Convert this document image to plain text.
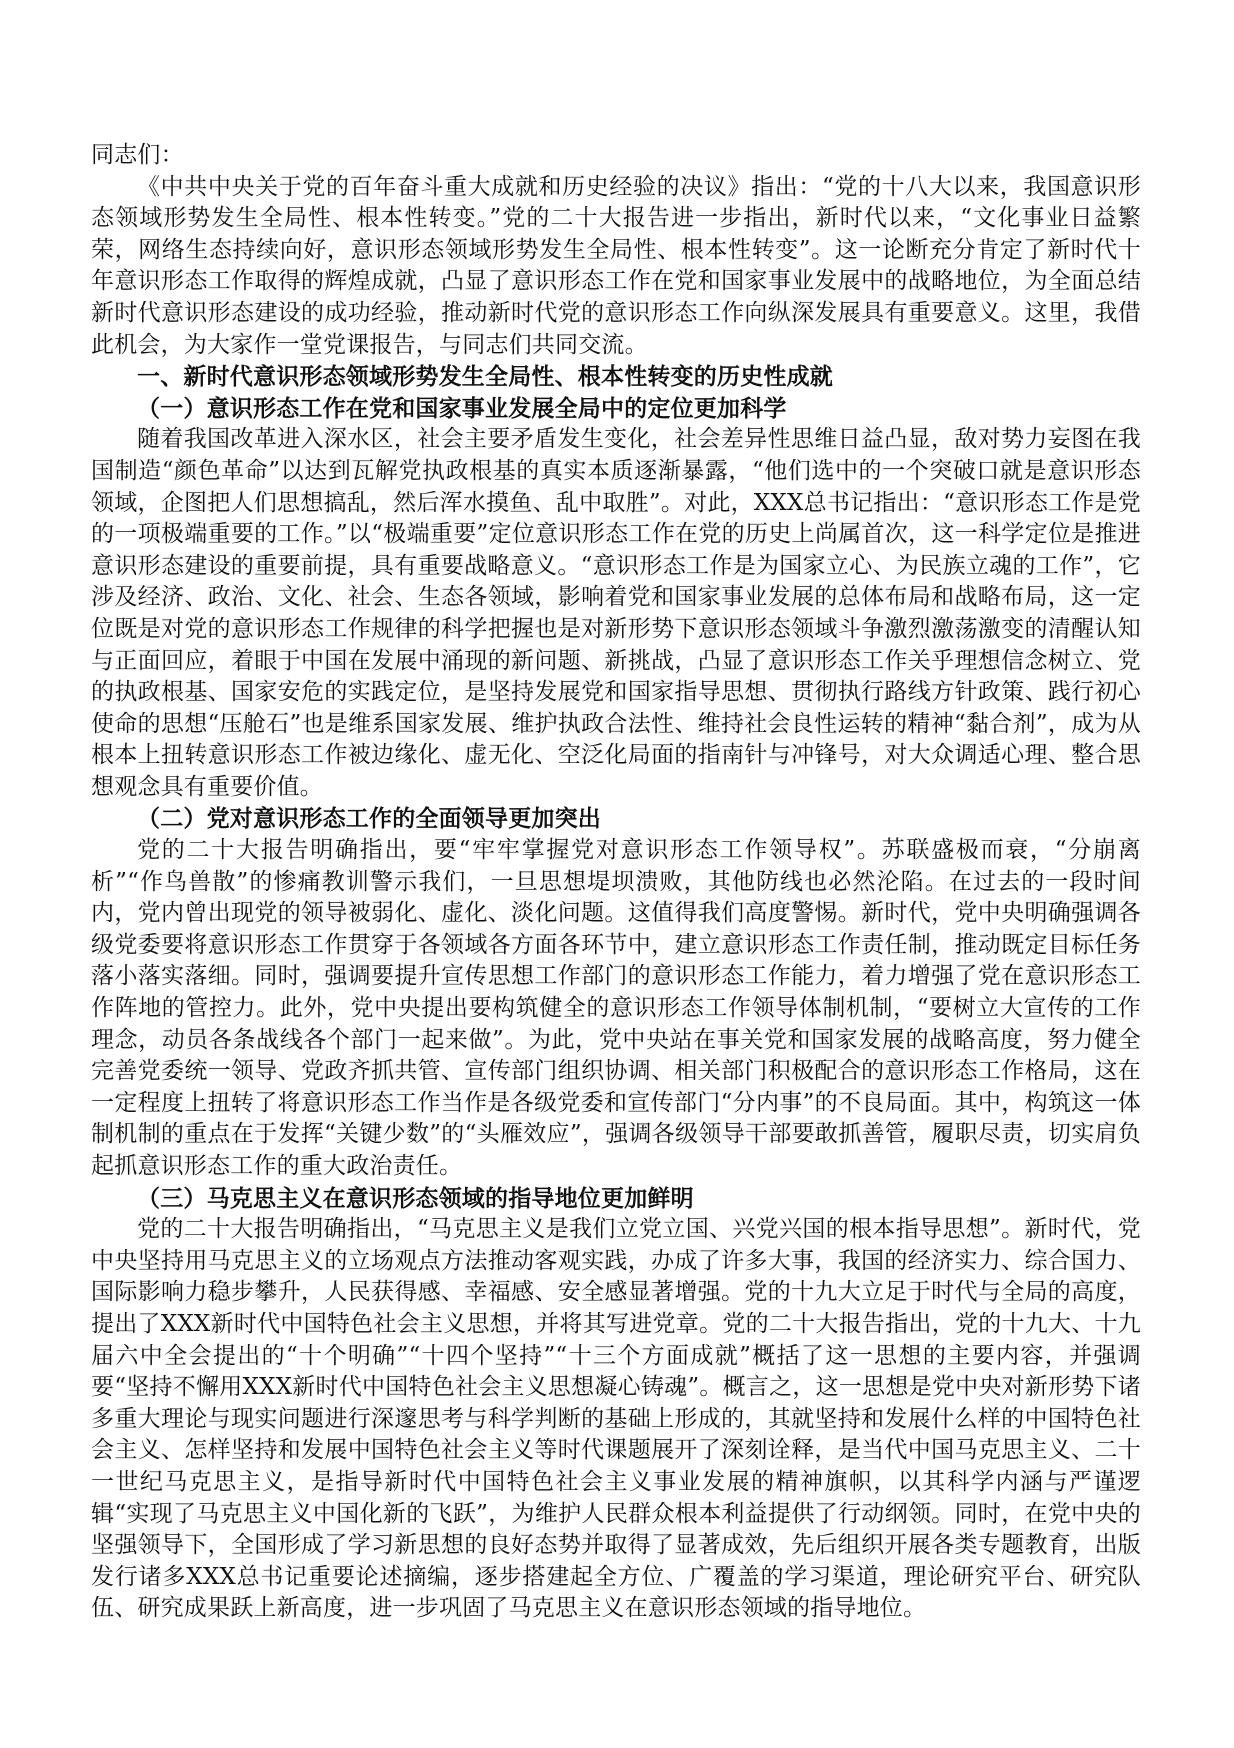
同志们：

《中共中央关于党的百年奋斗重大成就和历史经验的决议》指出：“党的十八大以来，我国意识形态领域形势发生全局性、根本性转变。”党的二十大报告进一步指出，新时代以来，“文化事业日益繁荣，网络生态持续向好，意识形态领域形势发生全局性、根本性转变”。这一论断充分肯定了新时代十年意识形态工作取得的辉煌成就，凸显了意识形态工作在党和国家事业发展中的战略地位，为全面总结新时代意识形态建设的成功经验，推动新时代党的意识形态工作向纵深发展具有重要意义。这里，我借此机会，为大家作一堂党课报告，与同志们共同交流。

一、新时代意识形态领域形势发生全局性、根本性转变的历史性成就

（一）意识形态工作在党和国家事业发展全局中的定位更加科学

随着我国改革进入深水区，社会主要矛盾发生变化，社会差异性思维日益凸显，敌对势力妄图在我国制造“颜色革命”以达到瓦解党执政根基的真实本质逐渐暴露，“他们选中的一个突破口就是意识形态领域，企图把人们思想搞乱，然后浑水摸鱼、乱中取胜”。对此，XXX总书记指出：“意识形态工作是党的一项极端重要的工作。”以“极端重要”定位意识形态工作在党的历史上尚属首次，这一科学定位是推进意识形态建设的重要前提，具有重要战略意义。“意识形态工作是为国家立心、为民族立魂的工作”，它涉及经济、政治、文化、社会、生态各领域，影响着党和国家事业发展的总体布局和战略布局，这一定位既是对党的意识形态工作规律的科学把握也是对新形势下意识形态领域斗争激烈激荡激变的清醒认知与正面回应，着眼于中国在发展中涌现的新问题、新挑战，凸显了意识形态工作关乎理想信念树立、党的执政根基、国家安危的实践定位，是坚持发展党和国家指导思想、贯彻执行路线方针政策、践行初心使命的思想“压舱石”也是维系国家发展、维护执政合法性、维持社会良性运转的精神“黏合剂”，成为从根本上扭转意识形态工作被边缘化、虚无化、空泛化局面的指南针与冲锋号，对大众调适心理、整合思想观念具有重要价值。

（二）党对意识形态工作的全面领导更加突出

党的二十大报告明确指出，要“牢牢掌握党对意识形态工作领导权”。苏联盛极而衰，“分崩离析”“作鸟兽散”的惨痛教训警示我们，一旦思想堤坝溃败，其他防线也必然沦陷。在过去的一段时间内，党内曾出现党的领导被弱化、虚化、淡化问题。这值得我们高度警惕。新时代，党中央明确强调各级党委要将意识形态工作贯穿于各领域各方面各环节中，建立意识形态工作责任制，推动既定目标任务落小落实落细。同时，强调要提升宣传思想工作部门的意识形态工作能力，着力增强了党在意识形态工作阵地的管控力。此外，党中央提出要构筑健全的意识形态工作领导体制机制，“要树立大宣传的工作理念，动员各条战线各个部门一起来做”。为此，党中央站在事关党和国家发展的战略高度，努力健全完善党委统一领导、党政齐抓共管、宣传部门组织协调、相关部门积极配合的意识形态工作格局，这在一定程度上扭转了将意识形态工作当作是各级党委和宣传部门“分内事”的不良局面。其中，构筑这一体制机制的重点在于发挥“关键少数”的“头雁效应”，强调各级领导干部要敢抓善管，履职尽责，切实肩负起抓意识形态工作的重大政治责任。

（三）马克思主义在意识形态领域的指导地位更加鲜明

党的二十大报告明确指出，“马克思主义是我们立党立国、兴党兴国的根本指导思想”。新时代，党中央坚持用马克思主义的立场观点方法推动客观实践，办成了许多大事，我国的经济实力、综合国力、国际影响力稳步攀升，人民获得感、幸福感、安全感显著增强。党的十九大立足于时代与全局的高度，提出了XXX新时代中国特色社会主义思想，并将其写进党章。党的二十大报告指出，党的十九大、十九届六中全会提出的“十个明确”“十四个坚持”“十三个方面成就”概括了这一思想的主要内容，并强调要“坚持不懈用XXX新时代中国特色社会主义思想凝心铸魂”。概言之，这一思想是党中央对新形势下诸多重大理论与现实问题进行深邃思考与科学判断的基础上形成的，其就坚持和发展什么样的中国特色社会主义、怎样坚持和发展中国特色社会主义等时代课题展开了深刻诠释，是当代中国马克思主义、二十一世纪马克思主义，是指导新时代中国特色社会主义事业发展的精神旗帜，以其科学内涵与严谨逻辑“实现了马克思主义中国化新的飞跃”，为维护人民群众根本利益提供了行动纲领。同时，在党中央的坚强领导下，全国形成了学习新思想的良好态势并取得了显著成效，先后组织开展各类专题教育，出版发行诸多XXX总书记重要论述摘编，逐步搭建起全方位、广覆盖的学习渠道，理论研究平台、研究队伍、研究成果跃上新高度，进一步巩固了马克思主义在意识形态领域的指导地位。
